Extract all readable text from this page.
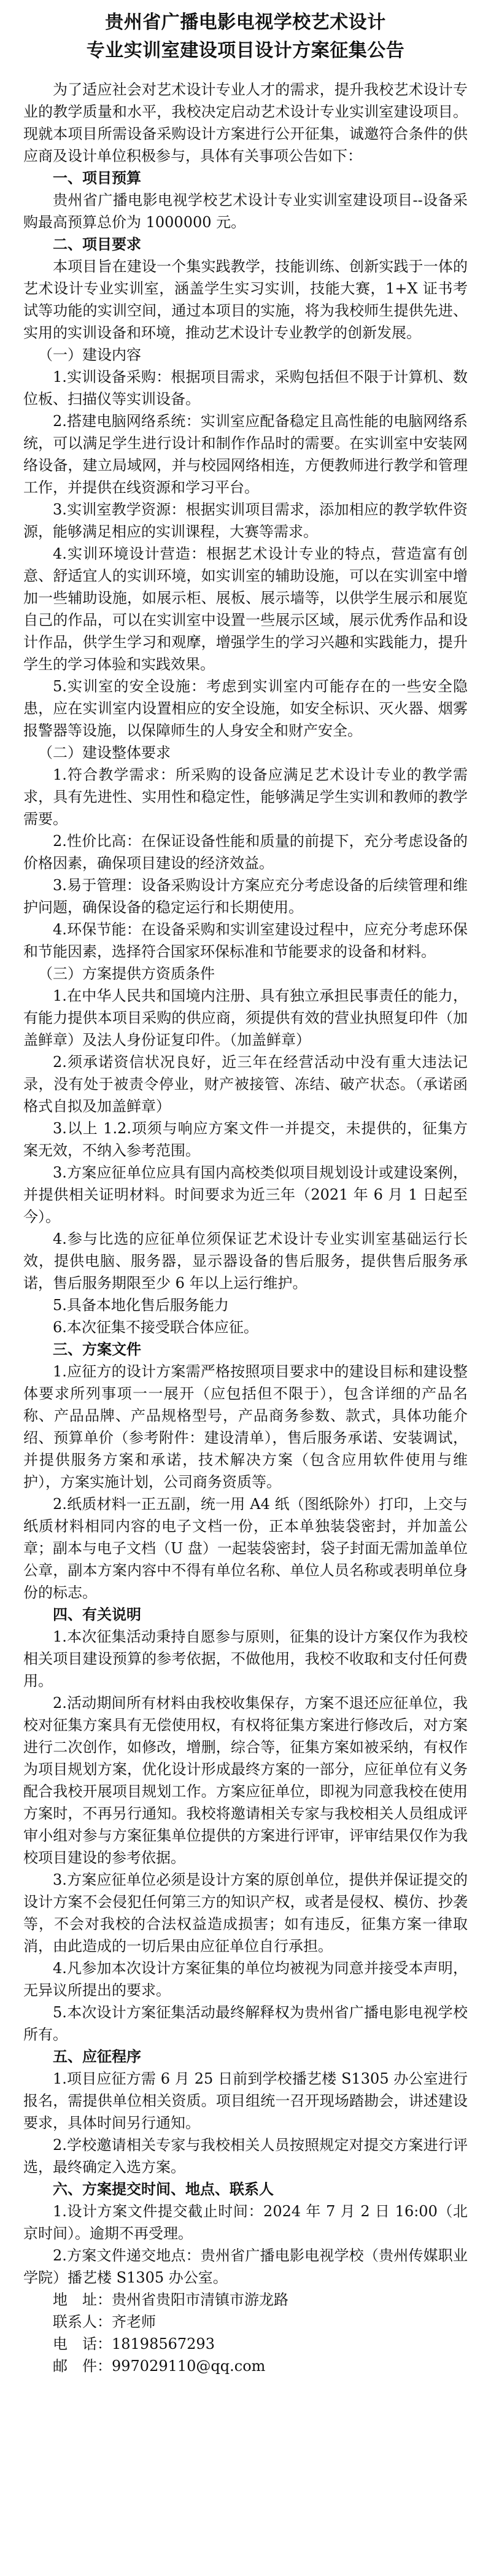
贵州省广播电影电视学校艺术设计
专业实训室建设项目设计方案征集公告

为了适应社会对艺术设计专业人才的需求，提升我校艺术设计专业的教学质量和水平，我校决定启动艺术设计专业实训室建设项目。现就本项目所需设备采购设计方案进行公开征集，诚邀符合条件的供应商及设计单位积极参与，具体有关事项公告如下：

一、项目预算

贵州省广播电影电视学校艺术设计专业实训室建设项目--设备采购最高预算总价为 1000000 元。

二、项目要求

本项目旨在建设一个集实践教学，技能训练、创新实践于一体的艺术设计专业实训室，涵盖学生实习实训，技能大赛，1+X 证书考试等功能的实训空间，通过本项目的实施，将为我校师生提供先进、实用的实训设备和环境，推动艺术设计专业教学的创新发展。

（一）建设内容

1.实训设备采购：根据项目需求，采购包括但不限于计算机、数位板、扫描仪等实训设备。

2.搭建电脑网络系统：实训室应配备稳定且高性能的电脑网络系统，可以满足学生进行设计和制作作品时的需要。在实训室中安装网络设备，建立局域网，并与校园网络相连，方便教师进行教学和管理工作，并提供在线资源和学习平台。

3.实训室教学资源：根据实训项目需求，添加相应的教学软件资源，能够满足相应的实训课程，大赛等需求。

4.实训环境设计营造：根据艺术设计专业的特点，营造富有创意、舒适宜人的实训环境，如实训室的辅助设施，可以在实训室中增加一些辅助设施，如展示柜、展板、展示墙等，以供学生展示和展览自己的作品，可以在实训室中设置一些展示区域，展示优秀作品和设计作品，供学生学习和观摩，增强学生的学习兴趣和实践能力，提升学生的学习体验和实践效果。

5.实训室的安全设施：考虑到实训室内可能存在的一些安全隐患，应在实训室内设置相应的安全设施，如安全标识、灭火器、烟雾报警器等设施，以保障师生的人身安全和财产安全。

（二）建设整体要求

1.符合教学需求：所采购的设备应满足艺术设计专业的教学需求，具有先进性、实用性和稳定性，能够满足学生实训和教师的教学需要。

2.性价比高：在保证设备性能和质量的前提下，充分考虑设备的价格因素，确保项目建设的经济效益。

3.易于管理：设备采购设计方案应充分考虑设备的后续管理和维护问题，确保设备的稳定运行和长期使用。

4.环保节能：在设备采购和实训室建设过程中，应充分考虑环保和节能因素，选择符合国家环保标准和节能要求的设备和材料。

（三）方案提供方资质条件

1.在中华人民共和国境内注册、具有独立承担民事责任的能力，有能力提供本项目采购的供应商，须提供有效的营业执照复印件（加盖鲜章）及法人身份证复印件。（加盖鲜章）

2.须承诺资信状况良好，近三年在经营活动中没有重大违法记录，没有处于被责令停业，财产被接管、冻结、破产状态。（承诺函格式自拟及加盖鲜章）

3.以上 1.2.项须与响应方案文件一并提交，未提供的，征集方案无效，不纳入参考范围。

3.方案应征单位应具有国内高校类似项目规划设计或建设案例，并提供相关证明材料。时间要求为近三年（2021 年 6 月 1 日起至今）。

4.参与比选的应征单位须保证艺术设计专业实训室基础运行长效，提供电脑、服务器，显示器设备的售后服务，提供售后服务承诺，售后服务期限至少 6 年以上运行维护。

5.具备本地化售后服务能力

6.本次征集不接受联合体应征。

三、方案文件

1.应征方的设计方案需严格按照项目要求中的建设目标和建设整体要求所列事项一一展开（应包括但不限于），包含详细的产品名称、产品品牌、产品规格型号，产品商务参数、款式，具体功能介绍、预算单价（参考附件：建设清单），售后服务承诺、安装调试，并提供服务方案和承诺，技术解决方案（包含应用软件使用与维护），方案实施计划，公司商务资质等。

2.纸质材料一正五副，统一用 A4 纸（图纸除外）打印，上交与纸质材料相同内容的电子文档一份，正本单独装袋密封，并加盖公章；副本与电子文档（U 盘）一起装袋密封，袋子封面无需加盖单位公章，副本方案内容中不得有单位名称、单位人员名称或表明单位身份的标志。

四、有关说明

1.本次征集活动秉持自愿参与原则，征集的设计方案仅作为我校相关项目建设预算的参考依据，不做他用，我校不收取和支付任何费用。

2.活动期间所有材料由我校收集保存，方案不退还应征单位，我校对征集方案具有无偿使用权，有权将征集方案进行修改后，对方案进行二次创作，如修改，增删，综合等，征集方案如被采纳，有权作为项目规划方案，优化设计形成最终方案的一部分，应征单位有义务配合我校开展项目规划工作。方案应征单位，即视为同意我校在使用方案时，不再另行通知。我校将邀请相关专家与我校相关人员组成评审小组对参与方案征集单位提供的方案进行评审，评审结果仅作为我校项目建设的参考依据。

3.方案应征单位必须是设计方案的原创单位，提供并保证提交的设计方案不会侵犯任何第三方的知识产权，或者是侵权、模仿、抄袭等，不会对我校的合法权益造成损害；如有违反，征集方案一律取消，由此造成的一切后果由应征单位自行承担。

4.凡参加本次设计方案征集的单位均被视为同意并接受本声明，无异议所提出的要求。

5.本次设计方案征集活动最终解释权为贵州省广播电影电视学校所有。

五、应征程序

1.项目应征方需 6 月 25 日前到学校播艺楼 S1305 办公室进行报名，需提供单位相关资质。项目组统一召开现场踏勘会，讲述建设要求，具体时间另行通知。

2.学校邀请相关专家与我校相关人员按照规定对提交方案进行评选，最终确定入选方案。

六、方案提交时间、地点、联系人

1.设计方案文件提交截止时间：2024 年 7 月 2 日 16:00（北京时间）。逾期不再受理。

2.方案文件递交地点：贵州省广播电影电视学校（贵州传媒职业学院）播艺楼 S1305 办公室。

地　址：贵州省贵阳市清镇市游龙路

联系人：齐老师

电　话：18198567293

邮　件：997029110@qq.com
